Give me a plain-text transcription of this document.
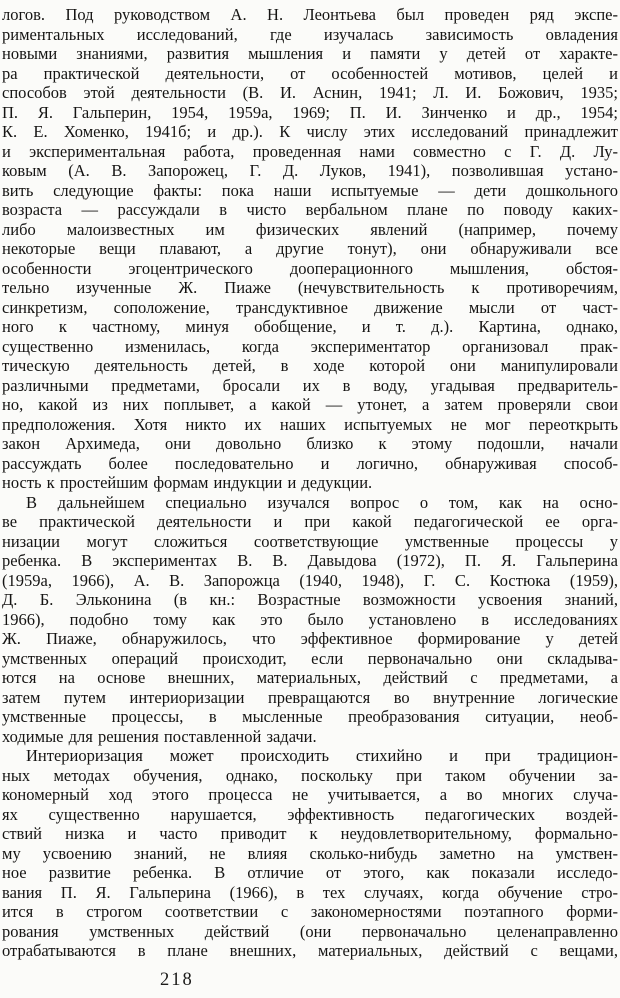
логов. Под руководством А. Н. Леонтьева был проведен ряд экспе-
риментальных исследований, где изучалась зависимость овладения
новыми знаниями, развития мышления и памяти у детей от характе-
ра практической деятельности, от особенностей мотивов, целей и
способов этой деятельности (В. И. Аснин, 1941; Л. И. Божович, 1935;
П. Я. Гальперин, 1954, 1959а, 1969; П. И. Зинченко и др., 1954;
К. Е. Хоменко, 1941б; и др.). К числу этих исследований принадлежит
и экспериментальная работа, проведенная нами совместно с Г. Д. Лу-
ковым (А. В. Запорожец, Г. Д. Луков, 1941), позволившая устано-
вить следующие факты: пока наши испытуемые — дети дошкольного
возраста — рассуждали в чисто вербальном плане по поводу каких-
либо малоизвестных им физических явлений (например, почему
некоторые вещи плавают, а другие тонут), они обнаруживали все
особенности эгоцентрического дооперационного мышления, обстоя-
тельно изученные Ж. Пиаже (нечувствительность к противоречиям,
синкретизм, соположение, трансдуктивное движение мысли от част-
ного к частному, минуя обобщение, и т. д.). Картина, однако,
существенно изменилась, когда экспериментатор организовал прак-
тическую деятельность детей, в ходе которой они манипулировали
различными предметами, бросали их в воду, угадывая предваритель-
но, какой из них поплывет, а какой — утонет, а затем проверяли свои
предположения. Хотя никто их наших испытуемых не мог переоткрыть
закон Архимеда, они довольно близко к этому подошли, начали
рассуждать более последовательно и логично, обнаруживая способ-
ность к простейшим формам индукции и дедукции.
В дальнейшем специально изучался вопрос о том, как на осно-
ве практической деятельности и при какой педагогической ее орга-
низации могут сложиться соответствующие умственные процессы у
ребенка. В экспериментах В. В. Давыдова (1972), П. Я. Гальперина
(1959а, 1966), А. В. Запорожца (1940, 1948), Г. С. Костюка (1959),
Д. Б. Эльконина (в кн.: Возрастные возможности усвоения знаний,
1966), подобно тому как это было установлено в исследованиях
Ж. Пиаже, обнаружилось, что эффективное формирование у детей
умственных операций происходит, если первоначально они складыва-
ются на основе внешних, материальных, действий с предметами, а
затем путем интериоризации превращаются во внутренние логические
умственные процессы, в мысленные преобразования ситуации, необ-
ходимые для решения поставленной задачи.
Интериоризация может происходить стихийно и при традицион-
ных методах обучения, однако, поскольку при таком обучении за-
кономерный ход этого процесса не учитывается, а во многих случа-
ях существенно нарушается, эффективность педагогических воздей-
ствий низка и часто приводит к неудовлетворительному, формально-
му усвоению знаний, не влияя сколько-нибудь заметно на умствен-
ное развитие ребенка. В отличие от этого, как показали исследо-
вания П. Я. Гальперина (1966), в тех случаях, когда обучение стро-
ится в строгом соответствии с закономерностями поэтапного форми-
рования умственных действий (они первоначально целенаправленно
отрабатываются в плане внешних, материальных, действий с вещами,
218
